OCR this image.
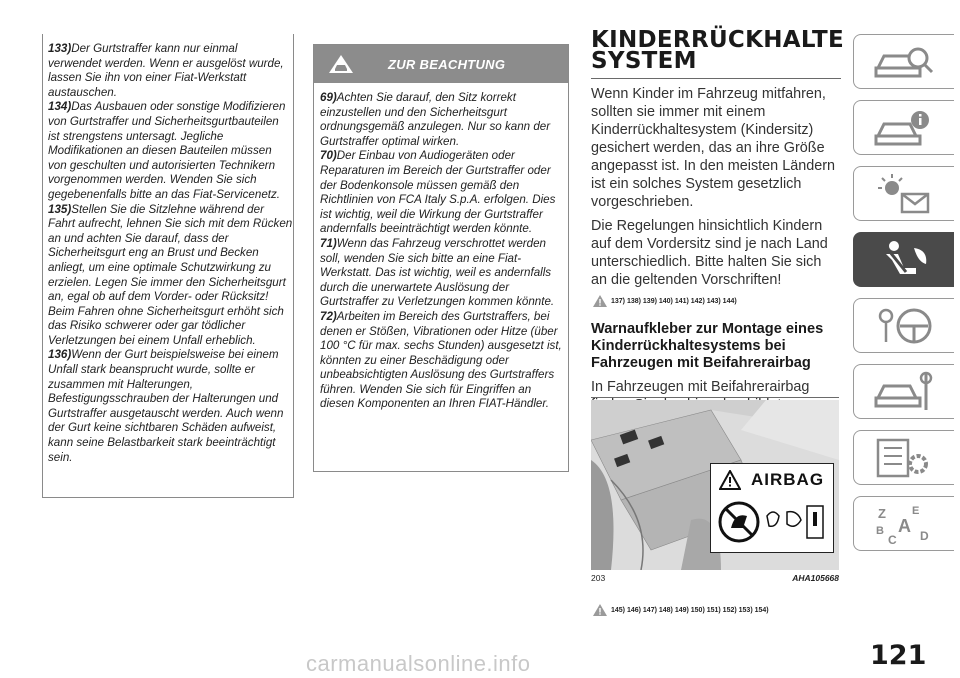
133)Der Gurtstraffer kann nur einmal verwendet werden. Wenn er ausgelöst wurde, lassen Sie ihn von einer Fiat-Werkstatt austauschen.

134)Das Ausbauen oder sonstige Modifizieren von Gurtstraffer und Sicherheitsgurtbauteilen ist strengstens untersagt. Jegliche Modifikationen an diesen Bauteilen müssen von geschulten und autorisierten Technikern vorgenommen werden. Wenden Sie sich gegebenenfalls bitte an das Fiat-Servicenetz.

135)Stellen Sie die Sitzlehne während der Fahrt aufrecht, lehnen Sie sich mit dem Rücken an und achten Sie darauf, dass der Sicherheitsgurt eng an Brust und Becken anliegt, um eine optimale Schutzwirkung zu erzielen. Legen Sie immer den Sicherheitsgurt an, egal ob auf dem Vorder- oder Rücksitz! Beim Fahren ohne Sicherheitsgurt erhöht sich das Risiko schwerer oder gar tödlicher Verletzungen bei einem Unfall erheblich.

136)Wenn der Gurt beispielsweise bei einem Unfall stark beansprucht wurde, sollte er zusammen mit Halterungen, Befestigungsschrauben der Halterungen und Gurtstraffer ausgetauscht werden. Auch wenn der Gurt keine sichtbaren Schäden aufweist, kann seine Belastbarkeit stark beeinträchtigt sein.

ZUR BEACHTUNG

69)Achten Sie darauf, den Sitz korrekt einzustellen und den Sicherheitsgurt ordnungsgemäß anzulegen. Nur so kann der Gurtstraffer optimal wirken.

70)Der Einbau von Audiogeräten oder Reparaturen im Bereich der Gurtstraffer oder der Bodenkonsole müssen gemäß den Richtlinien von FCA Italy S.p.A. erfolgen. Dies ist wichtig, weil die Wirkung der Gurtstraffer andernfalls beeinträchtigt werden könnte.

71)Wenn das Fahrzeug verschrottet werden soll, wenden Sie sich bitte an eine Fiat-Werkstatt. Das ist wichtig, weil es andernfalls durch die unerwartete Auslösung der Gurtstraffer zu Verletzungen kommen könnte.

72)Arbeiten im Bereich des Gurtstraffers, bei denen er Stößen, Vibrationen oder Hitze (über 100 °C für max. sechs Stunden) ausgesetzt ist, könnten zu einer Beschädigung oder unbeabsichtigten Auslösung des Gurtstraffers führen. Wenden Sie sich für Eingriffen an diesen Komponenten an Ihren FIAT-Händler.

KINDERRÜCKHALTE
SYSTEM

Wenn Kinder im Fahrzeug mitfahren, sollten sie immer mit einem Kinderrückhaltesystem (Kindersitz) gesichert werden, das an ihre Größe angepasst ist. In den meisten Ländern ist ein solches System gesetzlich vorgeschrieben.

Die Regelungen hinsichtlich Kindern auf dem Vordersitz sind je nach Land unterschiedlich. Bitte halten Sie sich an die geltenden Vorschriften!

137) 138) 139) 140) 141) 142) 143) 144)
Warnaufkleber zur Montage eines Kinderrückhaltesystems bei Fahrzeugen mit Beifahrerairbag

In Fahrzeugen mit Beifahrerairbag

AIRBAG
203	AHA105668
145) 146) 147) 148) 149) 150) 151) 152) 153) 154)
Z E
B A
C D
121
carmanualsonline.info
